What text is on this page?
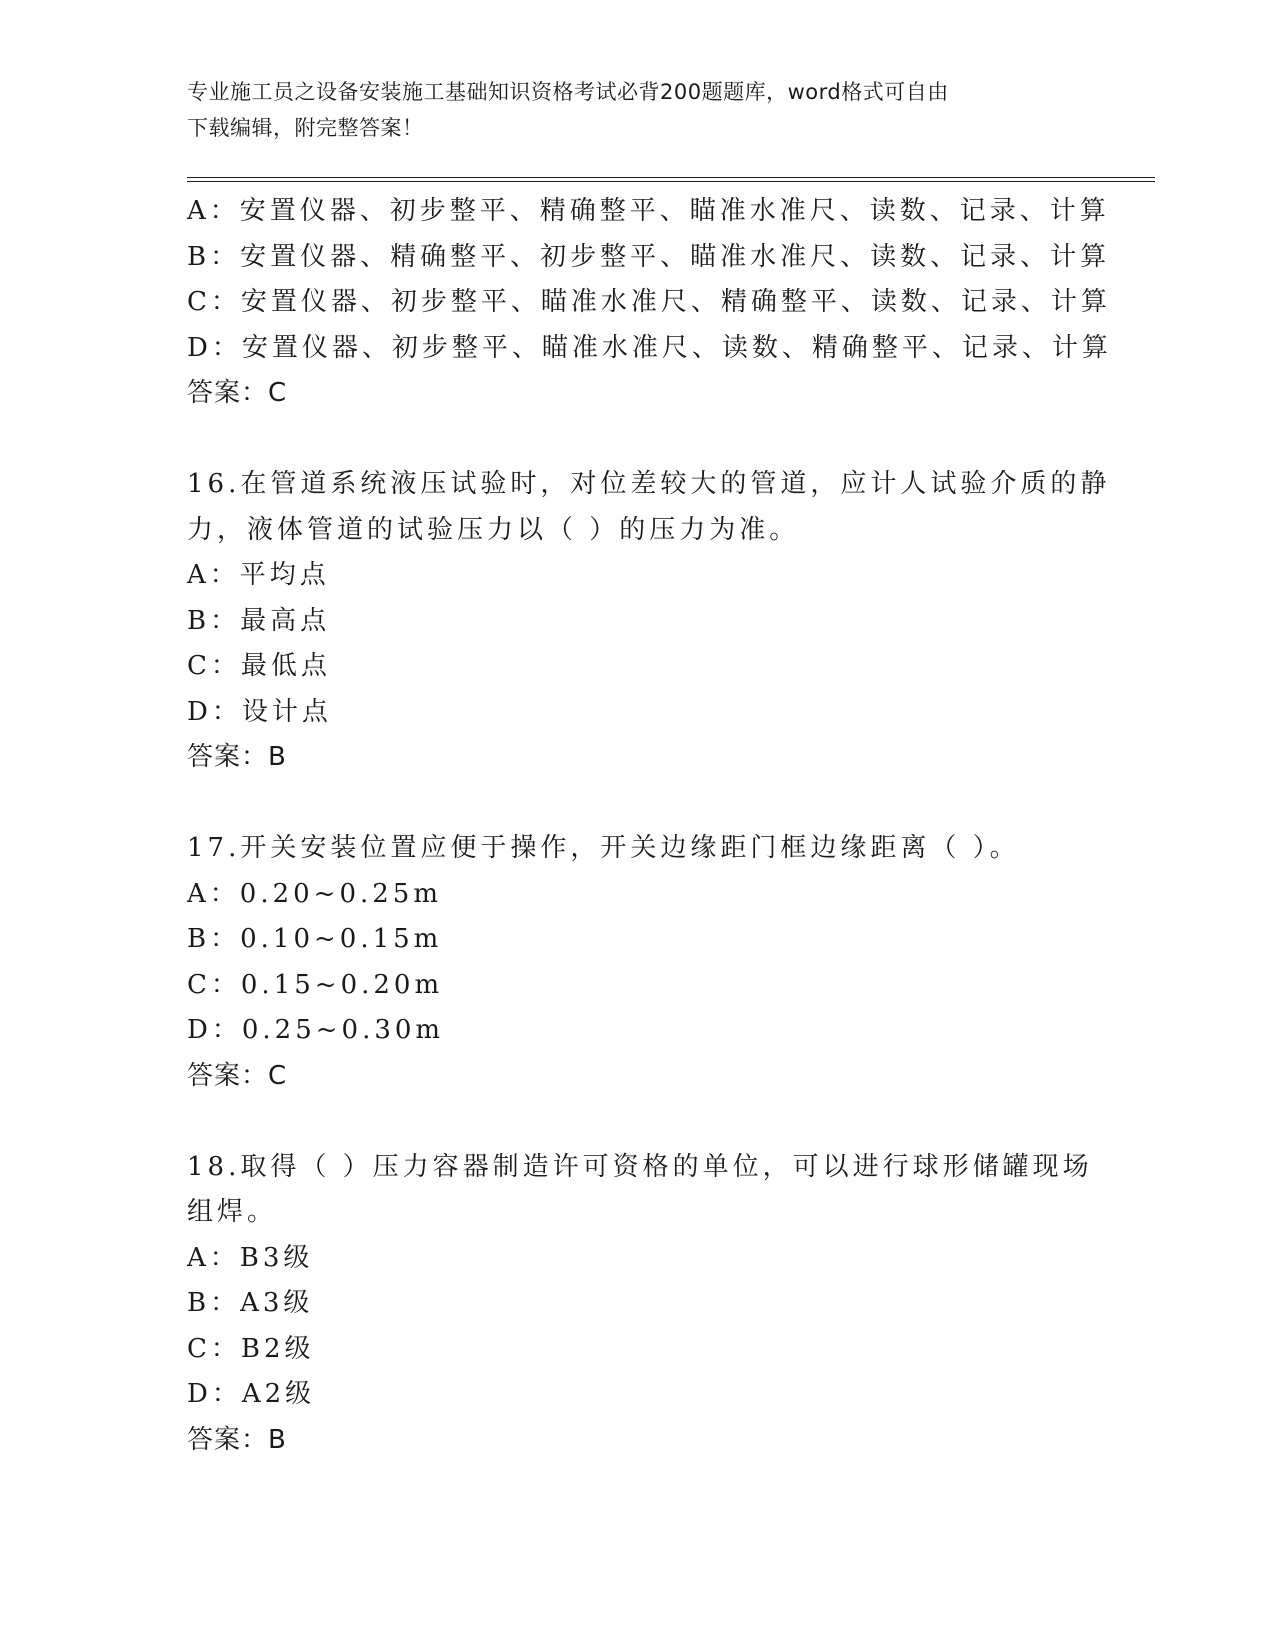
专业施工员之设备安装施工基础知识资格考试必背200题题库，word格式可自由
下载编辑，附完整答案！
A：安置仪器、初步整平、精确整平、瞄准水准尺、读数、记录、计算
B：安置仪器、精确整平、初步整平、瞄准水准尺、读数、记录、计算
C：安置仪器、初步整平、瞄准水准尺、精确整平、读数、记录、计算
D：安置仪器、初步整平、瞄准水准尺、读数、精确整平、记录、计算
答案：C
16.在管道系统液压试验时，对位差较大的管道，应计人试验介质的静
力，液体管道的试验压力以（ ）的压力为准。
A：平均点
B：最高点
C：最低点
D：设计点
答案：B
17.开关安装位置应便于操作，开关边缘距门框边缘距离（ ）。
A：0.20~0.25m
B：0.10~0.15m
C：0.15~0.20m
D：0.25~0.30m
答案：C
18.取得（ ）压力容器制造许可资格的单位，可以进行球形储罐现场
组焊。
A：B3级
B：A3级
C：B2级
D：A2级
答案：B
